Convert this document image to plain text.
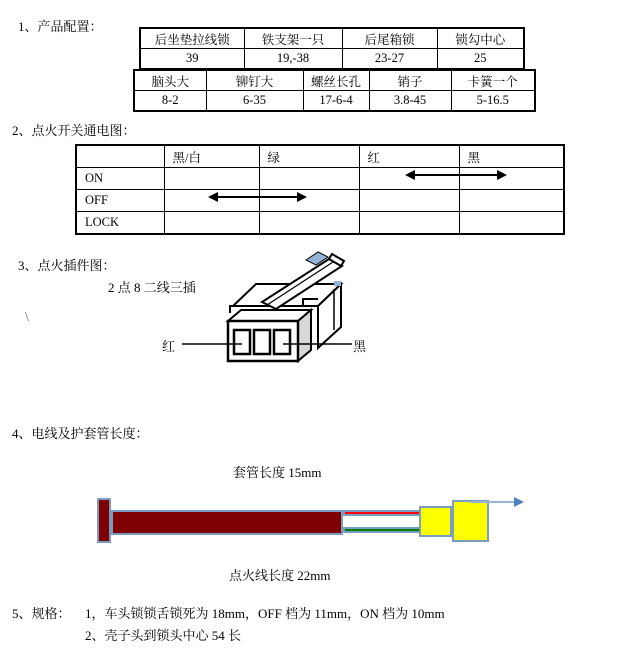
1、产品配置：
后坐垫拉线锁	铁支架一只	后尾箱锁	锁勾中心
39	19,-38	23-27	25
脑头大	铆钉大	螺丝长孔	销子	卡簧一个
8-2	6-35	17-6-4	3.8-45	5-16.5
2、点火开关通电图：
	黑/白	绿	红	黑
ON				
OFF				
LOCK				
3、点火插件图：
2 点 8 二线三插
\
红	黑
4、电线及护套管长度：
套管长度 15mm
点火线长度 22mm
5、规格： 1，车头锁锁舌锁死为 18mm，OFF 档为 11mm，ON 档为 10mm
2、壳子头到锁头中心 54 长
